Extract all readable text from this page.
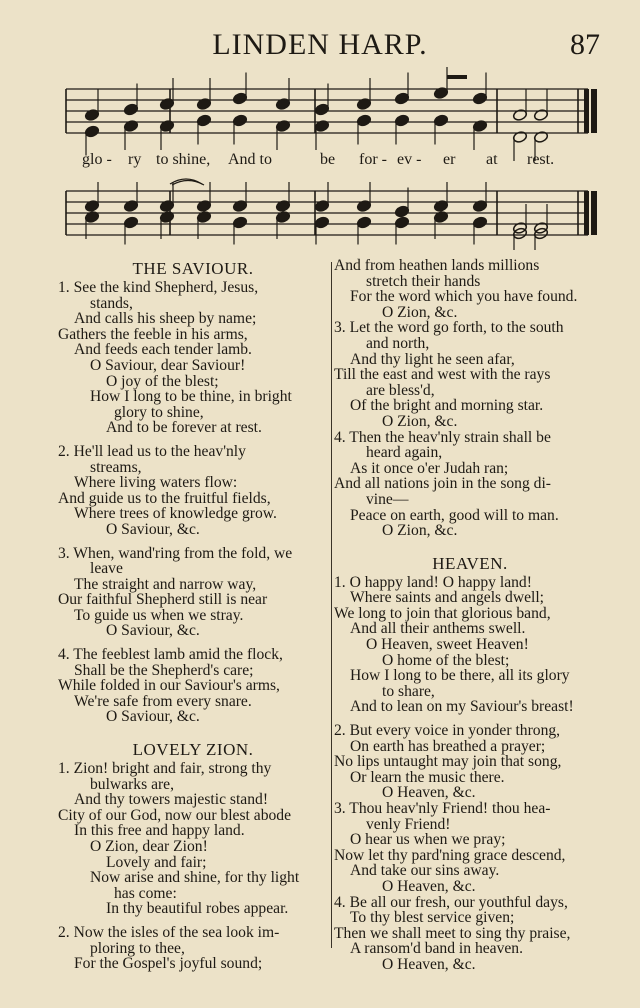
LINDEN HARP.	87
glo - ry to shine, And to	be for - ev - er at rest.
THE SAVIOUR.
1. See the kind Shepherd, Jesus,
stands,
And calls his sheep by name;
Gathers the feeble in his arms,
And feeds each tender lamb.
O Saviour, dear Saviour!
O joy of the blest;
How I long to be thine, in bright
glory to shine,
And to be forever at rest.
2. He'll lead us to the heav'nly
streams,
Where living waters flow:
And guide us to the fruitful fields,
Where trees of knowledge grow.
O Saviour, &c.
3. When, wand'ring from the fold, we
leave
The straight and narrow way,
Our faithful Shepherd still is near
To guide us when we stray.
O Saviour, &c.
4. The feeblest lamb amid the flock,
Shall be the Shepherd's care;
While folded in our Saviour's arms,
We're safe from every snare.
O Saviour, &c.
LOVELY ZION.
1. Zion! bright and fair, strong thy
bulwarks are,
And thy towers majestic stand!
City of our God, now our blest abode
In this free and happy land.
O Zion, dear Zion!
Lovely and fair;
Now arise and shine, for thy light
has come:
In thy beautiful robes appear.
2. Now the isles of the sea look im-
ploring to thee,
For the Gospel's joyful sound;
And from heathen lands millions
stretch their hands
For the word which you have found.
O Zion, &c.
3. Let the word go forth, to the south
and north,
And thy light he seen afar,
Till the east and west with the rays
are bless'd,
Of the bright and morning star.
O Zion, &c.
4. Then the heav'nly strain shall be
heard again,
As it once o'er Judah ran;
And all nations join in the song di-
vine—
Peace on earth, good will to man.
O Zion, &c.
HEAVEN.
1. O happy land! O happy land!
Where saints and angels dwell;
We long to join that glorious band,
And all their anthems swell.
O Heaven, sweet Heaven!
O home of the blest;
How I long to be there, all its glory
to share,
And to lean on my Saviour's breast!
2. But every voice in yonder throng,
On earth has breathed a prayer;
No lips untaught may join that song,
Or learn the music there.
O Heaven, &c.
3. Thou heav'nly Friend! thou hea-
venly Friend!
O hear us when we pray;
Now let thy pard'ning grace descend,
And take our sins away.
O Heaven, &c.
4. Be all our fresh, our youthful days,
To thy blest service given;
Then we shall meet to sing thy praise,
A ransom'd band in heaven.
O Heaven, &c.
